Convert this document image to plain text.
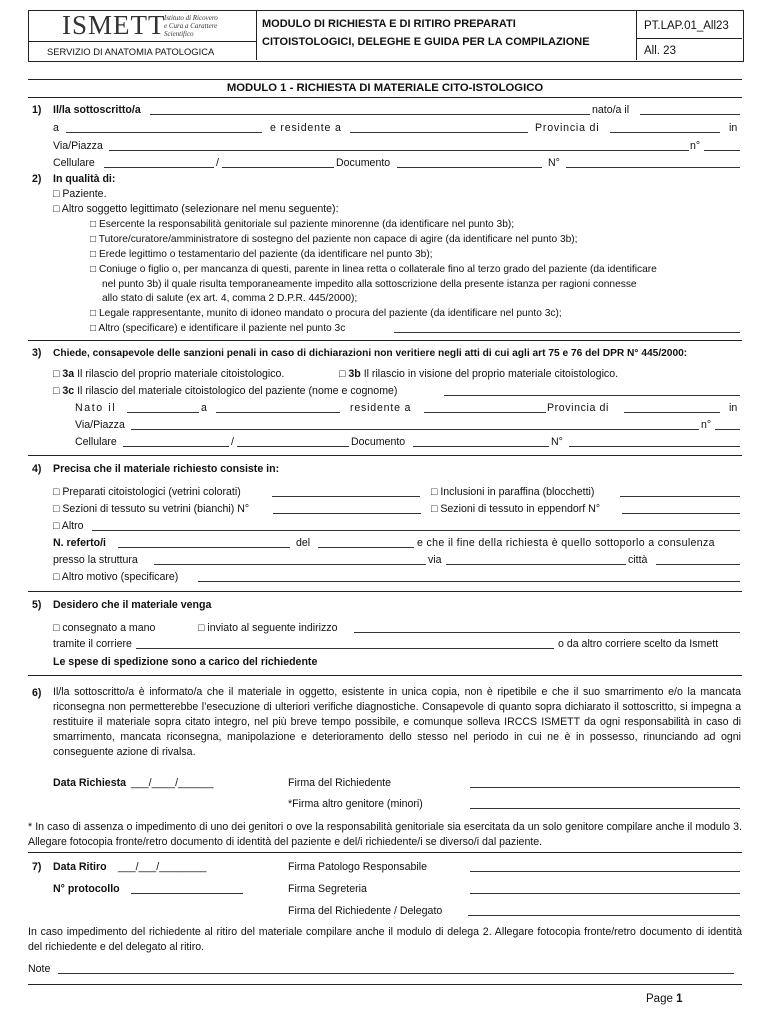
ISMETT
Istituto di Ricovero
e Cura a Carattere
Scientifico
SERVIZIO DI ANATOMIA PATOLOGICA
MODULO DI RICHIESTA E DI RITIRO PREPARATI
CITOISTOLOGICI, DELEGHE E GUIDA PER LA COMPILAZIONE
PT.LAP.01_All23
All. 23
MODULO 1 - RICHIESTA DI MATERIALE CITO-ISTOLOGICO
1) Il/la sottoscritto/a	nato/a il
a	e residente a	Provincia di	in
Via/Piazza	n°
Cellulare	/	Documento	N°
2) In qualità di:
□ Paziente.
□ Altro soggetto legittimato (selezionare nel menu seguente):
□ Esercente la responsabilità genitoriale sul paziente minorenne (da identificare nel punto 3b);
□ Tutore/curatore/amministratore di sostegno del paziente non capace di agire (da identificare nel punto 3b);
□ Erede legittimo o testamentario del paziente (da identificare nel punto 3b);
□ Coniuge o figlio o, per mancanza di questi, parente in linea retta o collaterale fino al terzo grado del paziente (da identificare
nel punto 3b) il quale risulta temporaneamente impedito alla sottoscrizione della presente istanza per ragioni connesse
allo stato di salute (ex art. 4, comma 2 D.P.R. 445/2000);
□ Legale rappresentante, munito di idoneo mandato o procura del paziente (da identificare nel punto 3c);
□ Altro (specificare) e identificare il paziente nel punto 3c
3) Chiede, consapevole delle sanzioni penali in caso di dichiarazioni non veritiere negli atti di cui agli art 75 e 76 del DPR N° 445/2000:
□ 3a Il rilascio del proprio materiale citoistologico.	□ 3b Il rilascio in visione del proprio materiale citoistologico.
□ 3c Il rilascio del materiale citoistologico del paziente (nome e cognome)
Nato il	a	residente a	Provincia di	in
Via/Piazza	n°
Cellulare	/	Documento	N°
4) Precisa che il materiale richiesto consiste in:
□ Preparati citoistologici (vetrini colorati)	□ Inclusioni in paraffina (blocchetti)
□ Sezioni di tessuto su vetrini (bianchi) N°	□ Sezioni di tessuto in eppendorf N°
□ Altro
N. referto/i	del	e che il fine della richiesta è quello sottoporlo a consulenza
presso la struttura	via	città
□ Altro motivo (specificare)
5) Desidero che il materiale venga
□ consegnato a mano	□ inviato al seguente indirizzo
tramite il corriere	o da altro corriere scelto da Ismett
Le spese di spedizione sono a carico del richiedente
6) Il/la sottoscritto/a è informato/a che il materiale in oggetto, esistente in unica copia, non è ripetibile e che il suo smarrimento e/o la mancata riconsegna non permetterebbe l’esecuzione di ulteriori verifiche diagnostiche. Consapevole di quanto sopra dichiarato il sottoscritto, si impegna a restituire il materiale sopra citato integro, nel più breve tempo possibile, e comunque solleva IRCCS ISMETT da ogni responsabilità in caso di smarrimento, mancata riconsegna, manipolazione e deterioramento dello stesso nel periodo in cui ne è in possesso, rinunciando ad ogni conseguente azione di rivalsa.
Data Richiesta ___/____/______	Firma del Richiedente
*Firma altro genitore (minori)
* In caso di assenza o impedimento di uno dei genitori o ove la responsabilità genitoriale sia esercitata da un solo genitore compilare anche il modulo 3. Allegare fotocopia fronte/retro documento di identità del paziente e del/i richiedente/i se diverso/i dal paziente.
7) Data Ritiro ___/___/________	Firma Patologo Responsabile
N° protocollo	Firma Segreteria
Firma del Richiedente / Delegato
In caso impedimento del richiedente al ritiro del materiale compilare anche il modulo di delega 2. Allegare fotocopia fronte/retro documento di identità del richiedente e del delegato al ritiro.
Note
Page 1
